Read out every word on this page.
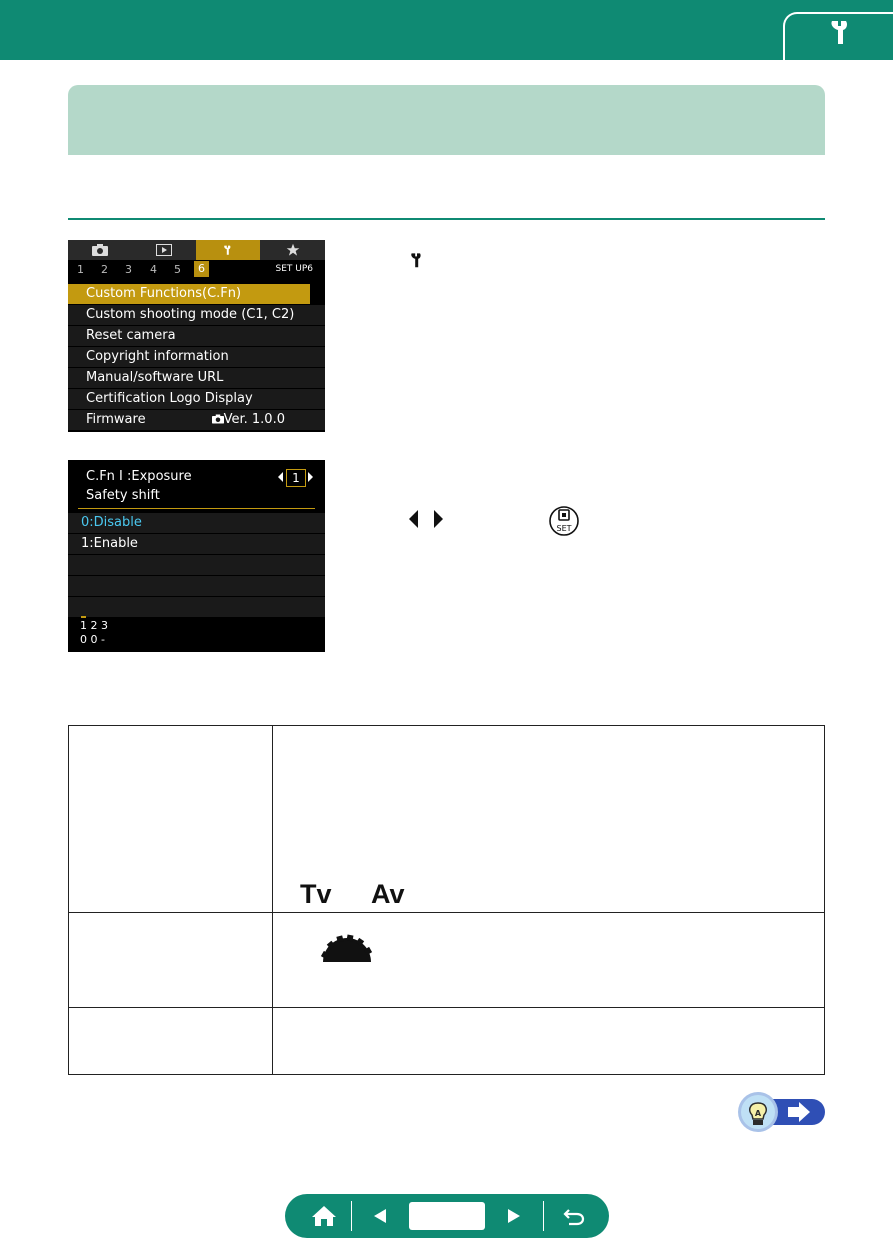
1 2 3 4 5	6	SET UP6
Custom Functions(C.Fn)
Custom shooting mode (C1, C2)
Reset camera
Copyright information
Manual/software URL
Certification Logo Display
Firmware	Ver. 1.0.0
C.Fn I :Exposure
Safety shift
1
0:Disable
1:Enable
1 2 3
0 0 -
SET
Tv Av
A
